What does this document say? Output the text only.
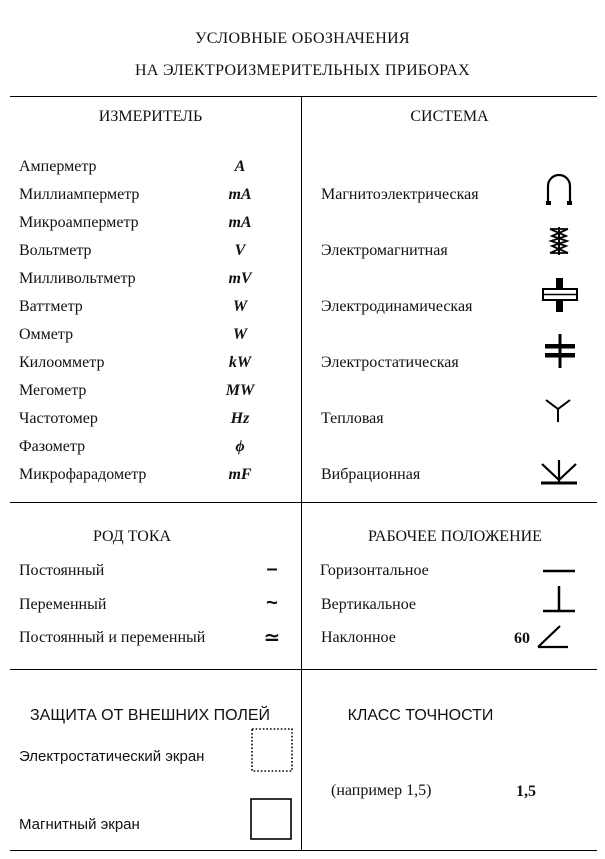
УСЛОВНЫЕ ОБОЗНАЧЕНИЯ
НА ЭЛЕКТРОИЗМЕРИТЕЛЬНЫХ ПРИБОРАХ
ИЗМЕРИТЕЛЬ
Амперметр	A
Миллиамперметр	mA
Микроамперметр	mA
Вольтметр	V
Милливольтметр	mV
Ваттметр	W
Омметр	W
Килоомметр	kW
Мегометр	MW
Частотомер	Hz
Фазометр	ϕ
Микрофарадометр	mF
СИСТЕМА
Магнитоэлектрическая
Электромагнитная
Электродинамическая
Электростатическая
Тепловая
Вибрационная
РОД ТОКА
Постоянный	–
Переменный	~
Постоянный и переменный	≃
РАБОЧЕЕ ПОЛОЖЕНИЕ
Горизонтальное
Вертикальное
Наклонное	60
ЗАЩИТА ОТ ВНЕШНИХ ПОЛЕЙ
Электростатический экран
Магнитный экран
КЛАСС ТОЧНОСТИ
(например 1,5)	1,5
